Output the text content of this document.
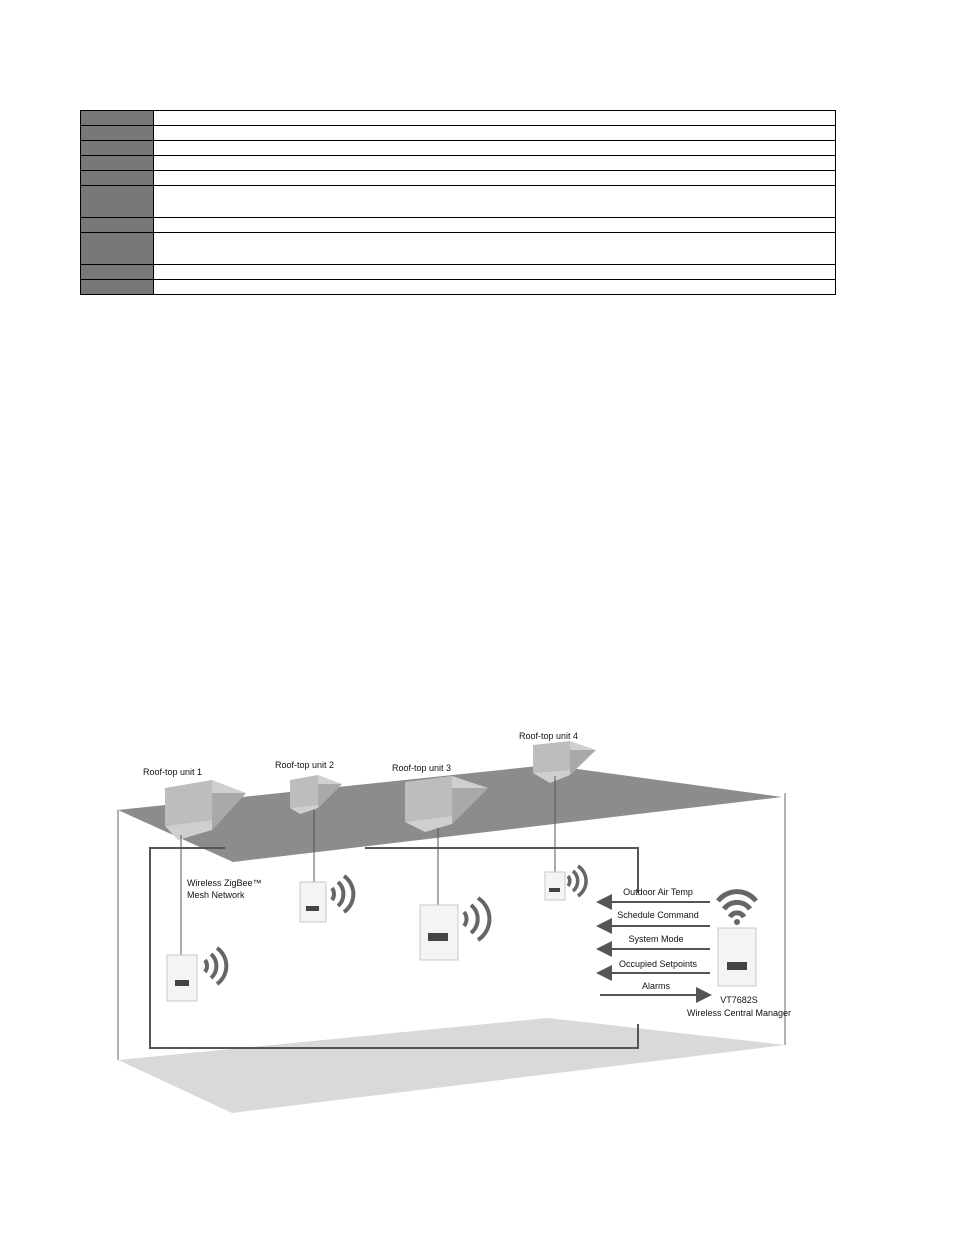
Roof-top unit 1
Roof-top unit 2	Roof-top unit 3
Roof-top unit 4
Wireless ZigBee™
Mesh Network	Outdoor Air Temp
Schedule Command
System Mode
Occupied Setpoints
Alarms
VT7682S
Wireless Central Manager
